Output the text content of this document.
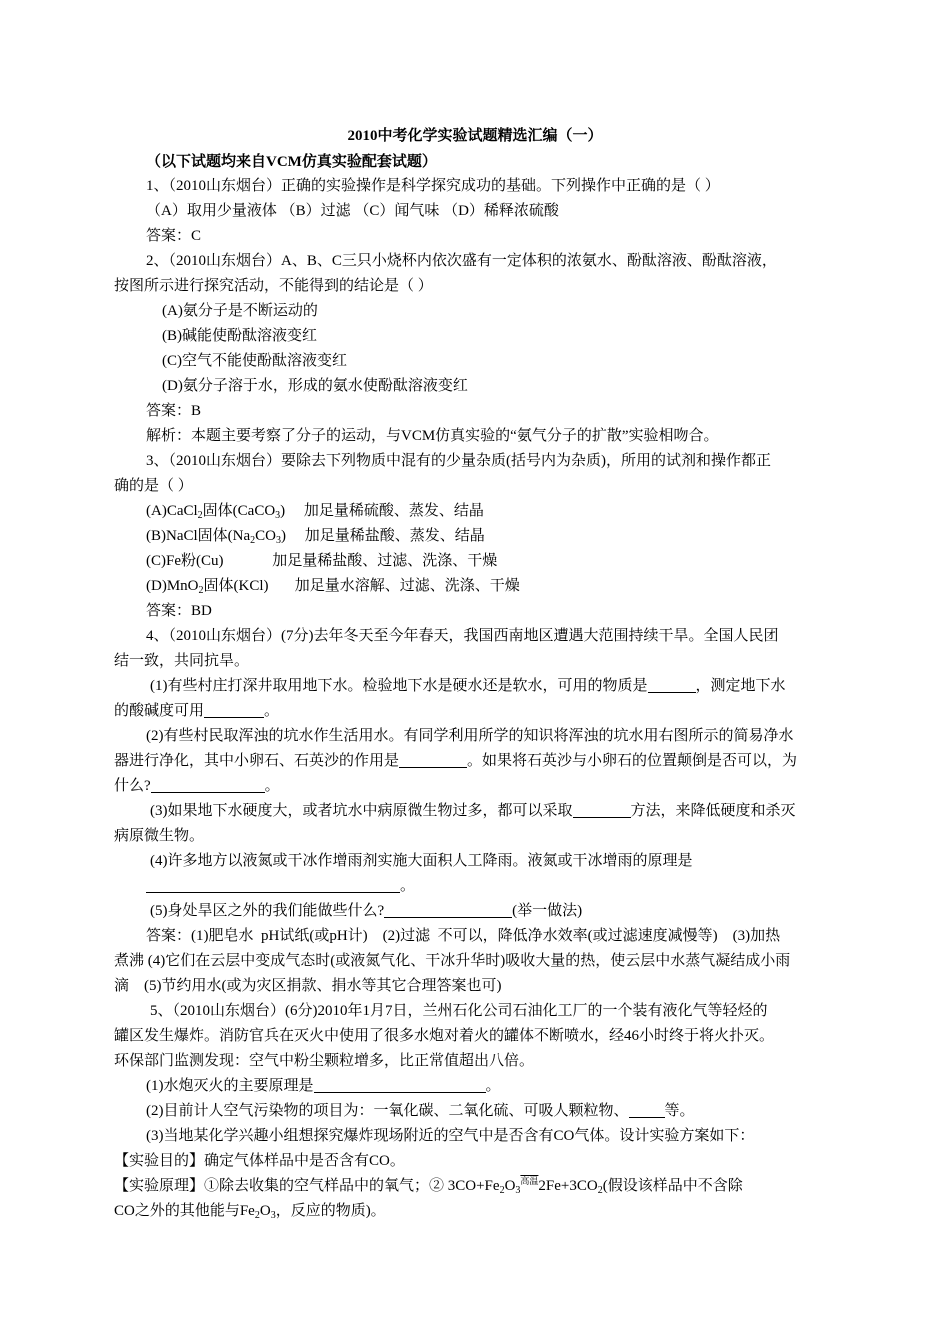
2010中考化学实验试题精选汇编（一）
（以下试题均来自VCM仿真实验配套试题）
1、（2010山东烟台）正确的实验操作是科学探究成功的基础。下列操作中正确的是（ ）
（A）取用少量液体 （B）过滤 （C）闻气味 （D）稀释浓硫酸
答案：C
2、（2010山东烟台）A、B、C三只小烧杯内依次盛有一定体积的浓氨水、酚酞溶液、酚酞溶液，
按图所示进行探究活动，不能得到的结论是（ ）
(A)氨分子是不断运动的
(B)碱能使酚酞溶液变红
(C)空气不能使酚酞溶液变红
(D)氨分子溶于水，形成的氨水使酚酞溶液变红
答案：B
解析：本题主要考察了分子的运动，与VCM仿真实验的“氨气分子的扩散”实验相吻合。
3、（2010山东烟台）要除去下列物质中混有的少量杂质(括号内为杂质)，所用的试剂和操作都正
确的是（ ）
(A)CaCl$_2$固体(CaCO$_3$)     加足量稀硫酸、蒸发、结晶
(B)NaCl固体$(Na_2CO_3)$     加足量稀盐酸、蒸发、结晶
(C)Fe粉(Cu)             加足量稀盐酸、过滤、洗涤、干燥
(D)MnO$_2$固体(KCl)       加足量水溶解、过滤、洗涤、干燥
答案：BD
4、（2010山东烟台）(7分)去年冬天至今年春天，我国西南地区遭遇大范围持续干旱。全国人民团
结一致，共同抗旱。
(1)有些村庄打深井取用地下水。检验地下水是硬水还是软水，可用的物质是	，测定地下水
的酸碱度可用	。
(2)有些村民取浑浊的坑水作生活用水。有同学利用所学的知识将浑浊的坑水用右图所示的简易净水
器进行净化，其中小卵石、石英沙的作用是	。如果将石英沙与小卵石的位置颠倒是否可以，为
什么?	。
(3)如果地下水硬度大，或者坑水中病原微生物过多，都可以采取	方法，来降低硬度和杀灭
病原微生物。
(4)许多地方以液氮或干冰作增雨剂实施大面积人工降雨。液氮或干冰增雨的原理是
。
(5)身处旱区之外的我们能做些什么?	(举一做法)
答案：(1)肥皂水  pH试纸(或pH计)    (2)过滤  不可以，降低净水效率(或过滤速度减慢等)    (3)加热
煮沸 (4)它们在云层中变成气态时(或液氮气化、干冰升华时)吸收大量的热，使云层中水蒸气凝结成小雨
滴    (5)节约用水(或为灾区捐款、捐水等其它合理答案也可)
5、（2010山东烟台）(6分)2010年1月7日，兰州石化公司石油化工厂的一个装有液化气等轻烃的
罐区发生爆炸。消防官兵在灭火中使用了很多水炮对着火的罐体不断喷水，经46小时终于将火扑灭。
环保部门监测发现：空气中粉尘颗粒增多，比正常值超出八倍。
(1)水炮灭火的主要原理是	。
(2)目前计人空气污染物的项目为：一氧化碳、二氧化硫、可吸人颗粒物、 等。
(3)当地某化学兴趣小组想探究爆炸现场附近的空气中是否含有CO气体。设计实验方案如下：
【实验目的】确定气体样品中是否含有CO。
【实验原理】①除去收集的空气样品中的氧气；② $3CO+Fe_2O_3^{高温}2Fe+3CO_2$(假设该样品中不含除
CO之外的其他能与$Fe_2O_3$，反应的物质)。
